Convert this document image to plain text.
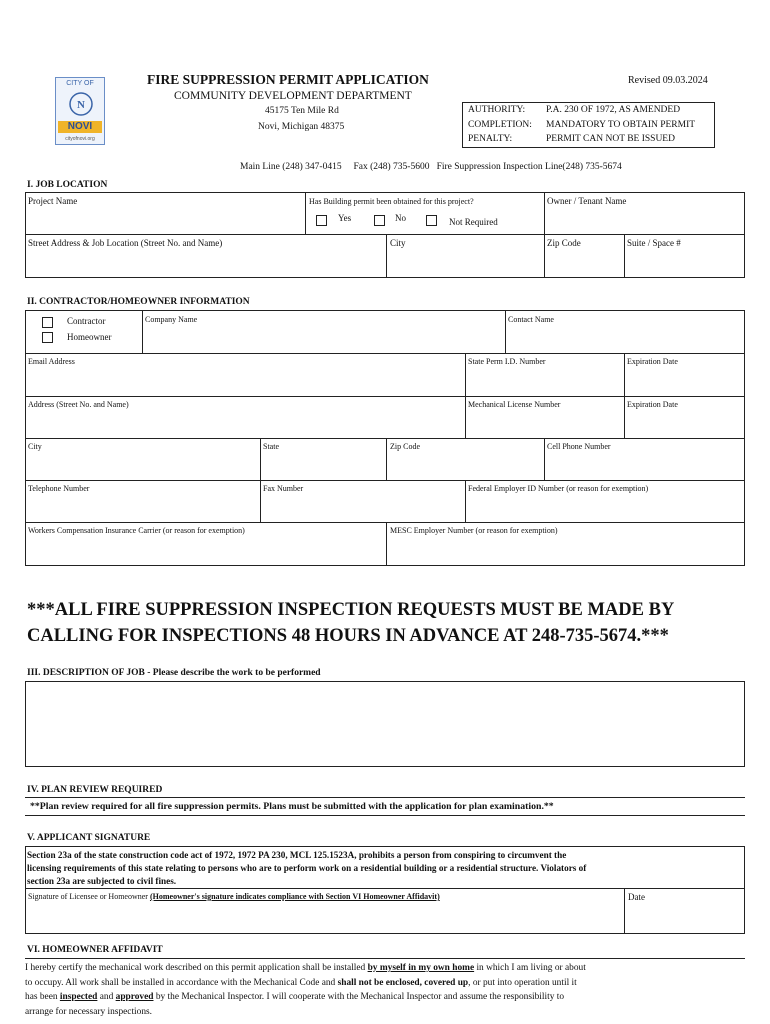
CITY OF
N
NOVI
cityofnovi.org
FIRE SUPPRESSION PERMIT APPLICATION	Revised 09.03.2024
COMMUNITY DEVELOPMENT DEPARTMENT
45175 Ten Mile Rd
Novi, Michigan 48375
AUTHORITY: P.A. 230 OF 1972, AS AMENDED
COMPLETION: MANDATORY TO OBTAIN PERMIT
PENALTY:	PERMIT CAN NOT BE ISSUED
Main Line (248) 347-0415     Fax (248) 735-5600   Fire Suppression Inspection Line(248) 735-5674
I. JOB LOCATION
Project Name	Has Building permit been obtained for this project?
Yes	No	Not Required
Owner / Tenant Name
Street Address & Job Location (Street No. and Name)	City	Zip Code	Suite / Space #
II. CONTRACTOR/HOMEOWNER INFORMATION
Contractor
Homeowner
Company Name	Contact Name
Email Address	State Perm I.D. Number	Expiration Date
Address (Street No. and Name)	Mechanical License Number	Expiration Date
City	State	Zip Code	Cell Phone Number
Telephone Number	Fax Number	Federal Employer ID Number (or reason for exemption)
Workers Compensation Insurance Carrier (or reason for exemption)	MESC Employer Number (or reason for exemption)
***ALL FIRE SUPPRESSION INSPECTION REQUESTS MUST BE MADE BY
CALLING FOR INSPECTIONS 48 HOURS IN ADVANCE AT 248-735-5674.***
III. DESCRIPTION OF JOB - Please describe the work to be performed
IV. PLAN REVIEW REQUIRED
**Plan review required for all fire suppression permits. Plans must be submitted with the application for plan examination.**
V. APPLICANT SIGNATURE
Section 23a of the state construction code act of 1972, 1972 PA 230, MCL 125.1523A, prohibits a person from conspiring to circumvent the
licensing requirements of this state relating to persons who are to perform work on a residential building or a residential structure. Violators of
section 23a are subjected to civil fines.
Signature of Licensee or Homeowner (Homeowner's signature indicates compliance with Section VI Homeowner Affidavit)	Date
VI. HOMEOWNER AFFIDAVIT
I hereby certify the mechanical work described on this permit application shall be installed by myself in my own home in which I am living or about
to occupy. All work shall be installed in accordance with the Mechanical Code and shall not be enclosed, covered up, or put into operation until it
has been inspected and approved by the Mechanical Inspector. I will cooperate with the Mechanical Inspector and assume the responsibility to
arrange for necessary inspections.
